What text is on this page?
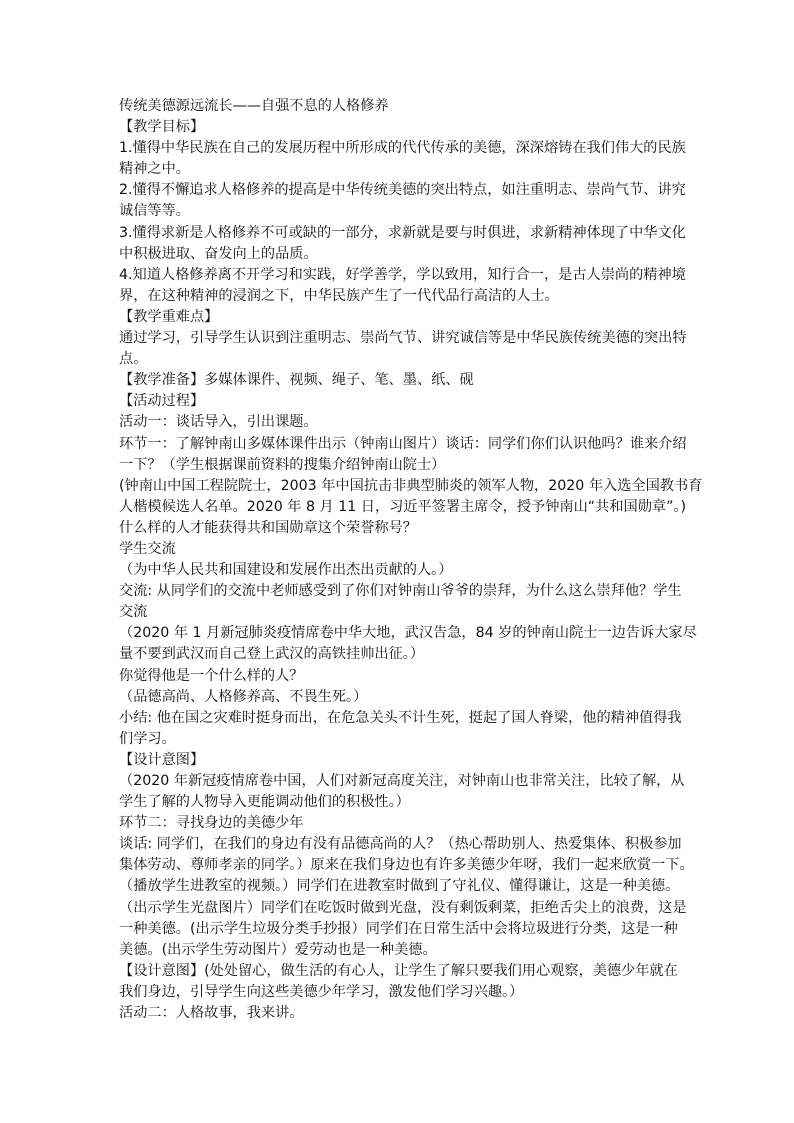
传统美德源远流长——自强不息的人格修养
【教学目标】
1.懂得中华民族在自己的发展历程中所形成的代代传承的美德，深深熔铸在我们伟大的民族
精神之中。
2.懂得不懈追求人格修养的提高是中华传统美德的突出特点，如注重明志、崇尚气节、讲究
诚信等等。
3.懂得求新是人格修养不可或缺的一部分，求新就是要与时俱进，求新精神体现了中华文化
中积极进取、奋发向上的品质。
4.知道人格修养离不开学习和实践，好学善学，学以致用，知行合一，是古人崇尚的精神境
界，在这种精神的浸润之下，中华民族产生了一代代品行高洁的人士。
【教学重难点】
通过学习，引导学生认识到注重明志、崇尚气节、讲究诚信等是中华民族传统美德的突出特
点。
【教学准备】多媒体课件、视频、绳子、笔、墨、纸、砚
【活动过程】
活动一：谈话导入，引出课题。
环节一：了解钟南山多媒体课件出示（钟南山图片）谈话：同学们你们认识他吗？谁来介绍
一下？（学生根据课前资料的搜集介绍钟南山院士）
(钟南山中国工程院院士，2003 年中国抗击非典型肺炎的领军人物，2020 年入选全国教书育
人楷模候选人名单。2020 年 8 月 11 日，习近平签署主席令，授予钟南山“共和国勋章”。)
什么样的人才能获得共和国勋章这个荣誉称号？
学生交流
（为中华人民共和国建设和发展作出杰出贡献的人。）
交流: 从同学们的交流中老师感受到了你们对钟南山爷爷的崇拜，为什么这么崇拜他？学生
交流
（2020 年 1 月新冠肺炎疫情席卷中华大地，武汉告急，84 岁的钟南山院士一边告诉大家尽
量不要到武汉而自己登上武汉的高铁挂帅出征。）
你觉得他是一个什么样的人？
（品德高尚、人格修养高、不畏生死。）
小结: 他在国之灾难时挺身而出，在危急关头不计生死，挺起了国人脊梁，他的精神值得我
们学习。
【设计意图】
（2020 年新冠疫情席卷中国，人们对新冠高度关注，对钟南山也非常关注，比较了解，从
学生了解的人物导入更能调动他们的积极性。）
环节二：寻找身边的美德少年
谈话: 同学们，在我们的身边有没有品德高尚的人？（热心帮助别人、热爱集体、积极参加
集体劳动、尊师孝亲的同学。）原来在我们身边也有许多美德少年呀，我们一起来欣赏一下。
（播放学生进教室的视频。）同学们在进教室时做到了守礼仪、懂得谦让，这是一种美德。
（出示学生光盘图片）同学们在吃饭时做到光盘，没有剩饭剩菜，拒绝舌尖上的浪费，这是
一种美德。(出示学生垃圾分类手抄报）同学们在日常生活中会将垃圾进行分类，这是一种
美德。(出示学生劳动图片）爱劳动也是一种美德。
【设计意图】(处处留心，做生活的有心人，让学生了解只要我们用心观察，美德少年就在
我们身边，引导学生向这些美德少年学习，激发他们学习兴趣。）
活动二：人格故事，我来讲。
